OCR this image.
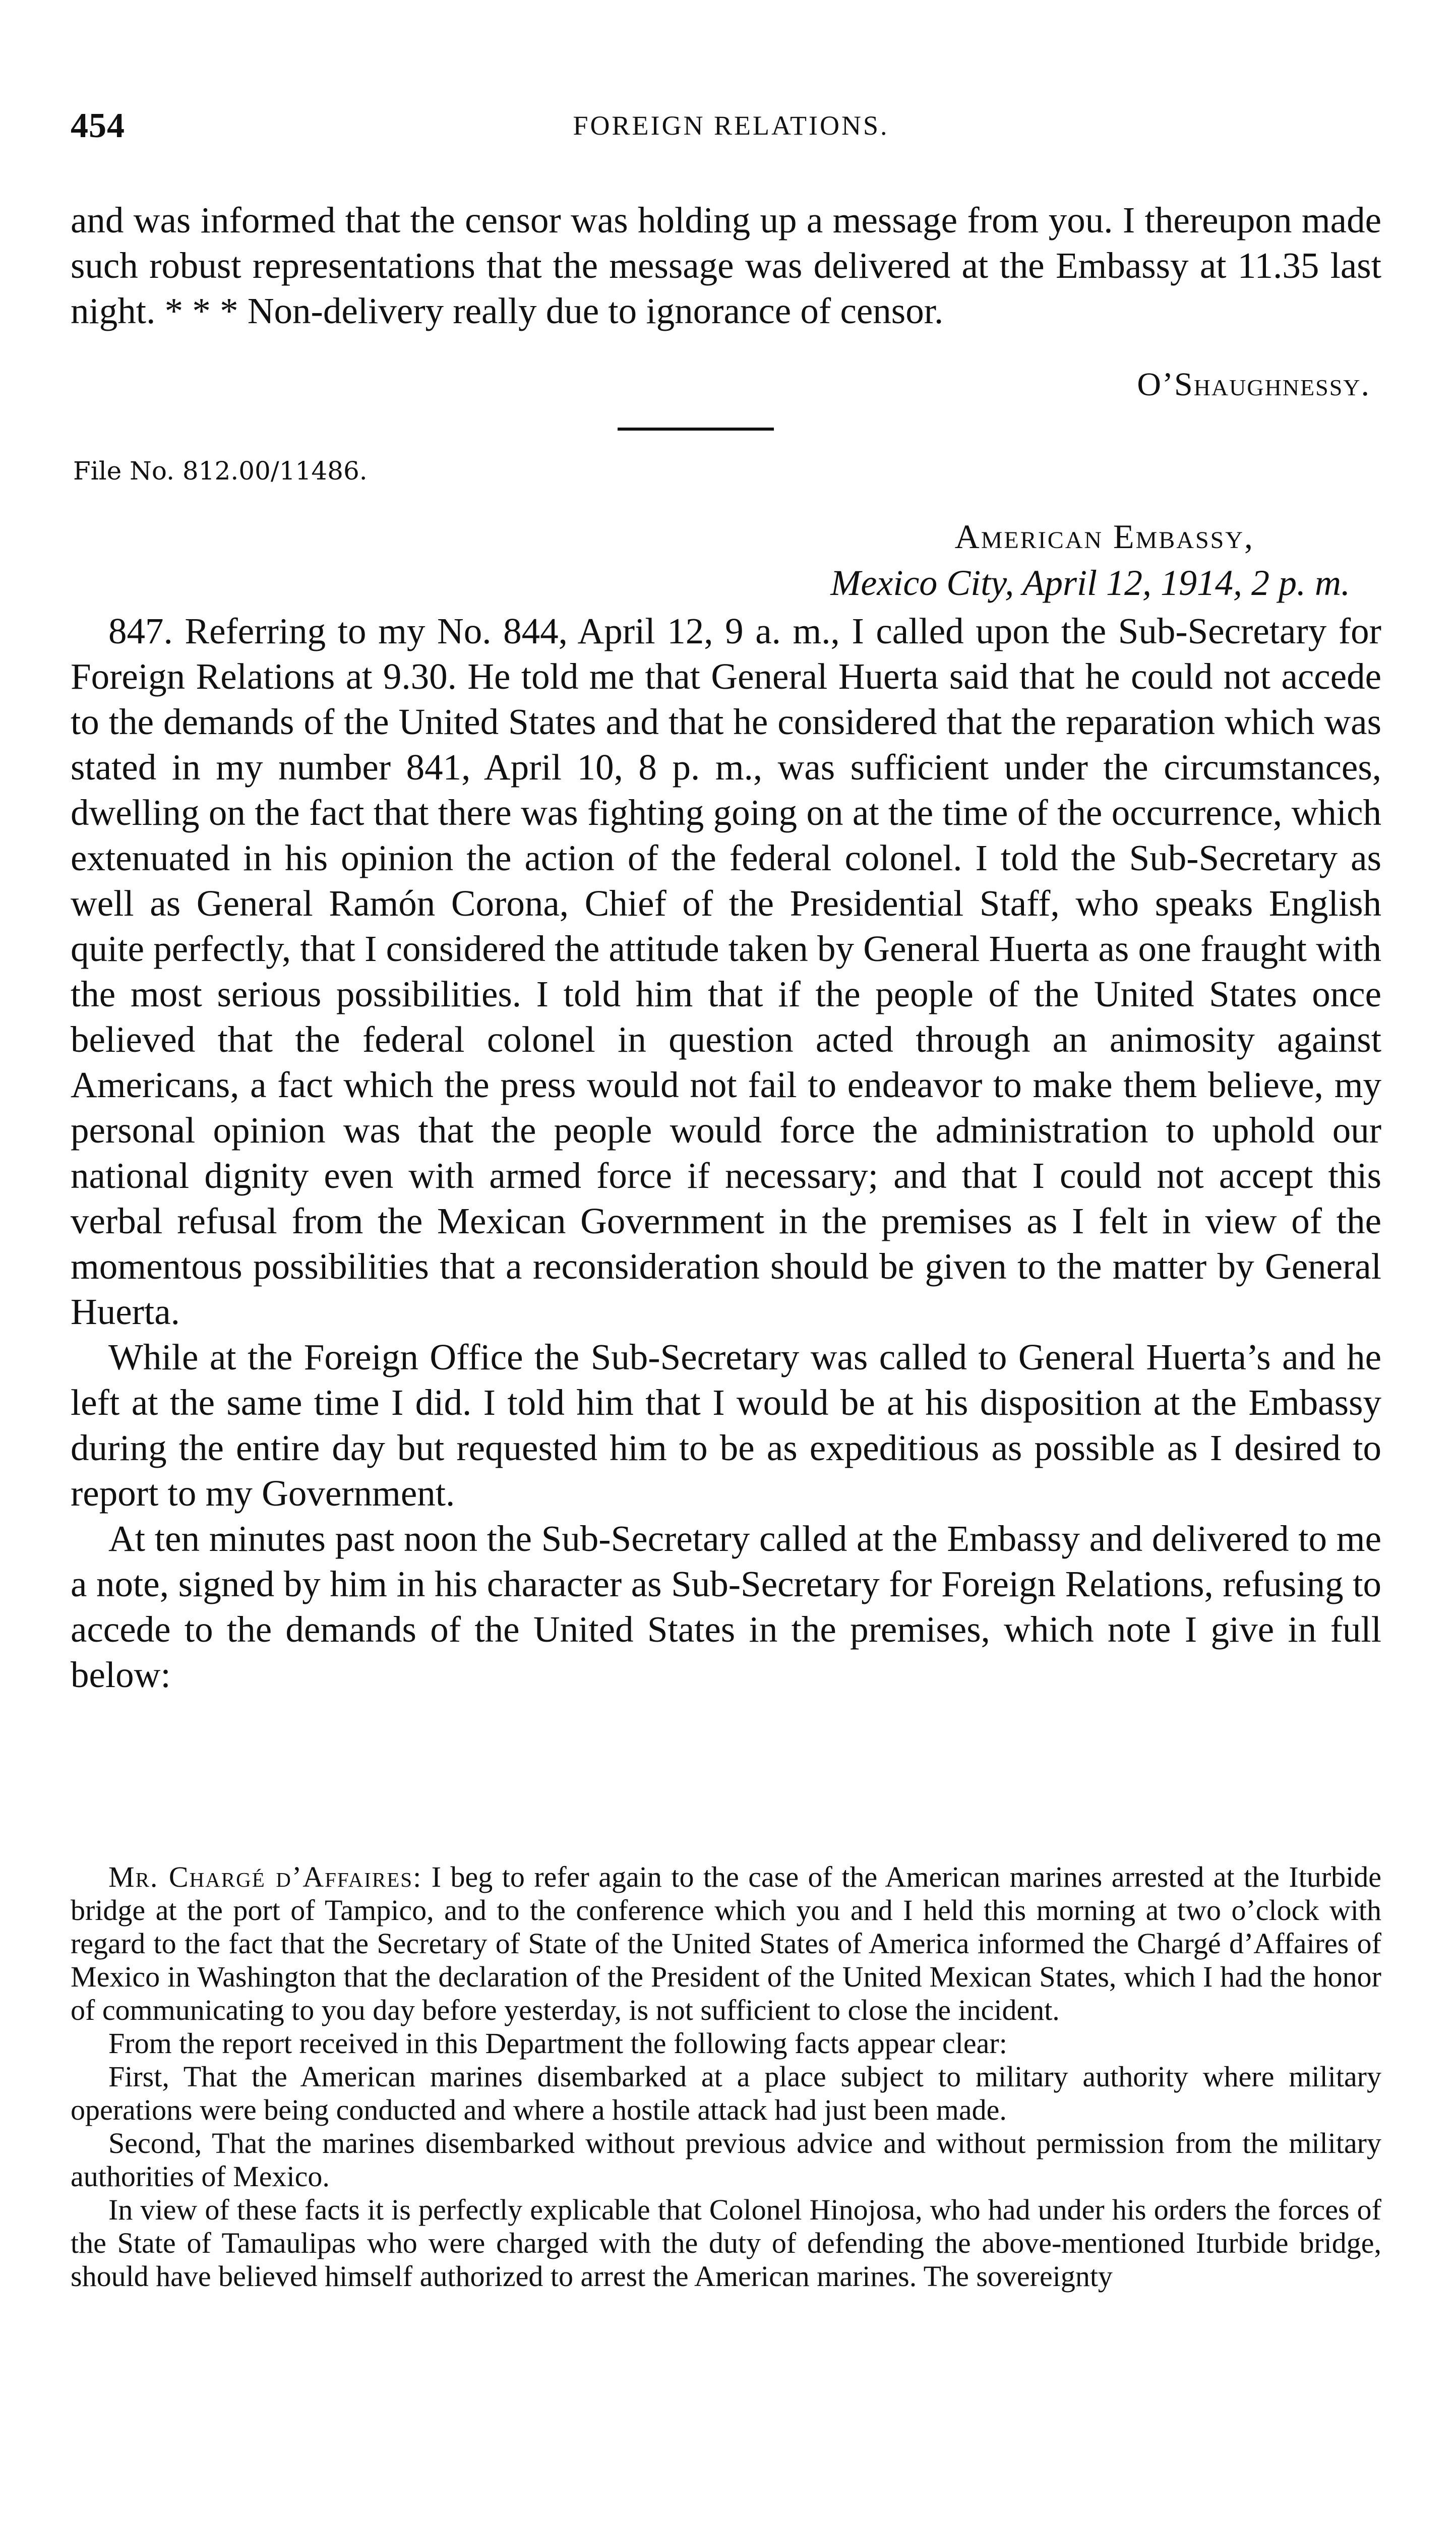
454	FOREIGN RELATIONS.

and was informed that the censor was holding up a message from you. I thereupon made such robust representations that the message was delivered at the Embassy at 11.35 last night. * * * Non-delivery really due to ignorance of censor.

O’Shaughnessy.
File No. 812.00/11486.
American Embassy,
Mexico City, April 12, 1914, 2 p. m.

847. Referring to my No. 844, April 12, 9 a. m., I called upon the Sub-Secretary for Foreign Relations at 9.30. He told me that General Huerta said that he could not accede to the demands of the United States and that he considered that the reparation which was stated in my number 841, April 10, 8 p. m., was sufficient under the circumstances, dwelling on the fact that there was fighting going on at the time of the occurrence, which extenuated in his opinion the action of the federal colonel. I told the Sub-Secretary as well as General Ramón Corona, Chief of the Presidential Staff, who speaks English quite perfectly, that I considered the attitude taken by General Huerta as one fraught with the most serious possibilities. I told him that if the people of the United States once believed that the federal colonel in question acted through an animosity against Americans, a fact which the press would not fail to endeavor to make them believe, my personal opinion was that the people would force the administration to uphold our national dignity even with armed force if necessary; and that I could not accept this verbal refusal from the Mexican Government in the premises as I felt in view of the momentous possibilities that a reconsideration should be given to the matter by General Huerta.

While at the Foreign Office the Sub-Secretary was called to General Huerta’s and he left at the same time I did. I told him that I would be at his disposition at the Embassy during the entire day but requested him to be as expeditious as possible as I desired to report to my Government.

At ten minutes past noon the Sub-Secretary called at the Embassy and delivered to me a note, signed by him in his character as Sub-Secretary for Foreign Relations, refusing to accede to the demands of the United States in the premises, which note I give in full below:

Mr. Chargé d’Affaires: I beg to refer again to the case of the American marines arrested at the Iturbide bridge at the port of Tampico, and to the conference which you and I held this morning at two o’clock with regard to the fact that the Secretary of State of the United States of America informed the Chargé d’Affaires of Mexico in Washington that the declaration of the President of the United Mexican States, which I had the honor of communicating to you day before yesterday, is not sufficient to close the incident.

From the report received in this Department the following facts appear clear:

First, That the American marines disembarked at a place subject to military authority where military operations were being conducted and where a hostile attack had just been made.

Second, That the marines disembarked without previous advice and without permission from the military authorities of Mexico.

In view of these facts it is perfectly explicable that Colonel Hinojosa, who had under his orders the forces of the State of Tamaulipas who were charged with the duty of defending the above-mentioned Iturbide bridge, should have believed himself authorized to arrest the American marines. The sovereignty
